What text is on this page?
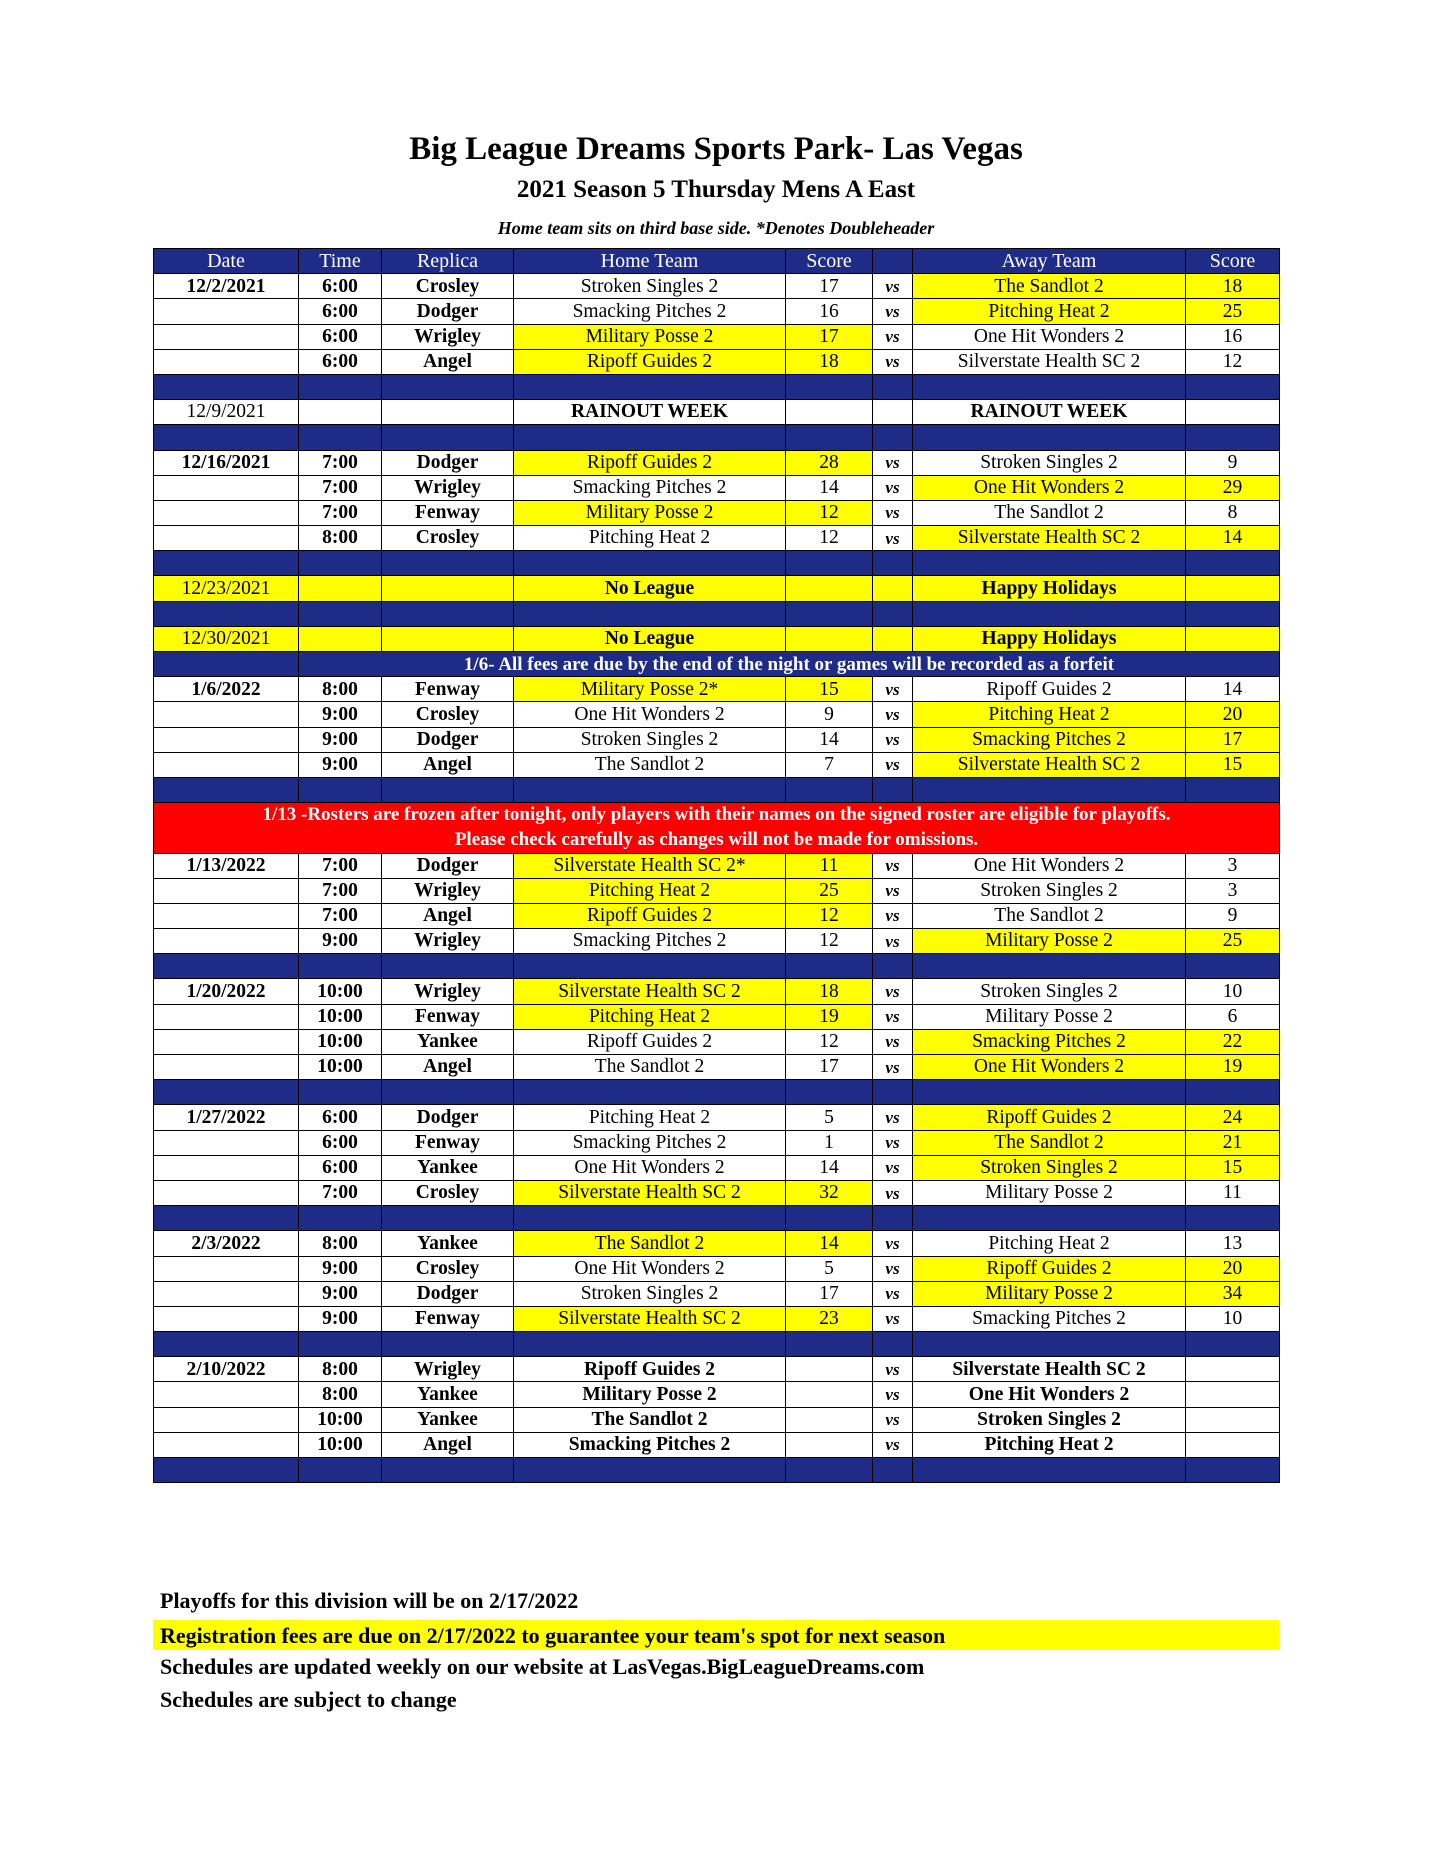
Big League Dreams Sports Park- Las Vegas
2021 Season 5 Thursday Mens A East
Home team sits on third base side. *Denotes Doubleheader
Date	Time	Replica	Home Team	Score		Away Team	Score
12/2/2021	6:00	Crosley	Stroken Singles 2	17	vs	The Sandlot 2	18
	6:00	Dodger	Smacking Pitches 2	16	vs	Pitching Heat 2	25
	6:00	Wrigley	Military Posse 2	17	vs	One Hit Wonders 2	16
	6:00	Angel	Ripoff Guides 2	18	vs	Silverstate Health SC 2	12

12/9/2021			RAINOUT WEEK			RAINOUT WEEK	

12/16/2021	7:00	Dodger	Ripoff Guides 2	28	vs	Stroken Singles 2	9
	7:00	Wrigley	Smacking Pitches 2	14	vs	One Hit Wonders 2	29
	7:00	Fenway	Military Posse 2	12	vs	The Sandlot 2	8
	8:00	Crosley	Pitching Heat 2	12	vs	Silverstate Health SC 2	14

12/23/2021			No League			Happy Holidays	

12/30/2021			No League			Happy Holidays	
	1/6- All fees are due by the end of the night or games will be recorded as a forfeit						
1/6/2022	8:00	Fenway	Military Posse 2*	15	vs	Ripoff Guides 2	14
	9:00	Crosley	One Hit Wonders 2	9	vs	Pitching Heat 2	20
	9:00	Dodger	Stroken Singles 2	14	vs	Smacking Pitches 2	17
	9:00	Angel	The Sandlot 2	7	vs	Silverstate Health SC 2	15

1/13 -Rosters are frozen after tonight, only players with their names on the signed roster are eligible for playoffs.
Please check carefully as changes will not be made for omissions.							

1/13/2022	7:00	Dodger	Silverstate Health SC 2*	11	vs	One Hit Wonders 2	3
	7:00	Wrigley	Pitching Heat 2	25	vs	Stroken Singles 2	3
	7:00	Angel	Ripoff Guides 2	12	vs	The Sandlot 2	9
	9:00	Wrigley	Smacking Pitches 2	12	vs	Military Posse 2	25

1/20/2022	10:00	Wrigley	Silverstate Health SC 2	18	vs	Stroken Singles 2	10
	10:00	Fenway	Pitching Heat 2	19	vs	Military Posse 2	6
	10:00	Yankee	Ripoff Guides 2	12	vs	Smacking Pitches 2	22
	10:00	Angel	The Sandlot 2	17	vs	One Hit Wonders 2	19

1/27/2022	6:00	Dodger	Pitching Heat 2	5	vs	Ripoff Guides 2	24
	6:00	Fenway	Smacking Pitches 2	1	vs	The Sandlot 2	21
	6:00	Yankee	One Hit Wonders 2	14	vs	Stroken Singles 2	15
	7:00	Crosley	Silverstate Health SC 2	32	vs	Military Posse 2	11

2/3/2022	8:00	Yankee	The Sandlot 2	14	vs	Pitching Heat 2	13
	9:00	Crosley	One Hit Wonders 2	5	vs	Ripoff Guides 2	20
	9:00	Dodger	Stroken Singles 2	17	vs	Military Posse 2	34
	9:00	Fenway	Silverstate Health SC 2	23	vs	Smacking Pitches 2	10

2/10/2022	8:00	Wrigley	Ripoff Guides 2		vs	Silverstate Health SC 2	
	8:00	Yankee	Military Posse 2		vs	One Hit Wonders 2	
	10:00	Yankee	The Sandlot 2		vs	Stroken Singles 2	
	10:00	Angel	Smacking Pitches 2		vs	Pitching Heat 2	

Playoffs for this division will be on 2/17/2022
Registration fees are due on 2/17/2022 to guarantee your team's spot for next season
Schedules are updated weekly on our website at LasVegas.BigLeagueDreams.com
Schedules are subject to change
